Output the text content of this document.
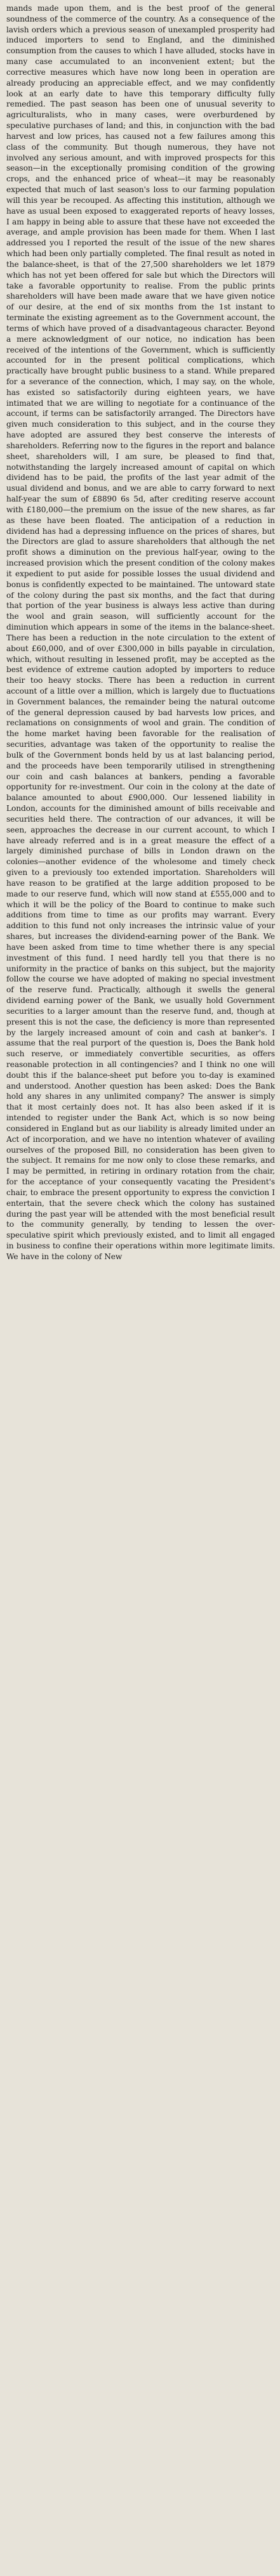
mands made upon them, and is the best proof of the general soundness of the commerce of the country. As a consequence of the lavish orders which a previous season of unexampled prosperity had induced importers to send to England, and the diminished consumption from the causes to which I have alluded, stocks have in many case accumulated to an inconvenient extent; but the corrective measures which have now long been in operation are already producing an appreciable effect, and we may confidently look at an early date to have this temporary difficulty fully remedied. The past season has been one of unusual severity to agriculturalists, who in many cases, were overburdened by speculative purchases of land; and this, in conjunction with the bad harvest and low prices, has caused not a few failures among this class of the community. But though numerous, they have not involved any serious amount, and with improved prospects for this season—in the exceptionally promising condition of the growing crops, and the enhanced price of wheat—it may be reasonably expected that much of last season's loss to our farming population will this year be recouped. As affecting this institution, although we have as usual been exposed to exaggerated reports of heavy losses, I am happy in being able to assure that these have not exceeded the average, and ample provision has been made for them. When I last addressed you I reported the result of the issue of the new shares which had been only partially completed. The final result as noted in the balance-sheet, is that of the 27,500 shareholders we let 1879 which has not yet been offered for sale but which the Directors will take a favorable opportunity to realise. From the public prints shareholders will have been made aware that we have given notice of our desire, at the end of six months from the 1st instant to terminate the existing agreement as to the Government account, the terms of which have proved of a disadvantageous character. Beyond a mere acknowledgment of our notice, no indication has been received of the intentions of the Government, which is sufficiently accounted for in the present political complications, which practically have brought public business to a stand. While prepared for a severance of the connection, which, I may say, on the whole, has existed so satisfactorily during eighteen years, we have intimated that we are willing to negotiate for a continuance of the account, if terms can be satisfactorily arranged. The Directors have given much consideration to this subject, and in the course they have adopted are assured they best conserve the interests of shareholders. Referring now to the figures in the report and balance sheet, shareholders will, I am sure, be pleased to find that, notwithstanding the largely increased amount of capital on which dividend has to be paid, the profits of the last year admit of the usual dividend and bonus, and we are able to carry forward to next half-year the sum of £8890 6s 5d, after crediting reserve account with £180,000—the premium on the issue of the new shares, as far as these have been floated. The anticipation of a reduction in dividend has had a depressing influence on the prices of shares, but the Directors are glad to assure shareholders that although the net profit shows a diminution on the previous half-year, owing to the increased provision which the present condition of the colony makes it expedient to put aside for possible losses the usual dividend and bonus is confidently expected to be maintained. The untoward state of the colony during the past six months, and the fact that during that portion of the year business is always less active than during the wool and grain season, will sufficiently account for the diminution which appears in some of the items in the balance-sheet. There has been a reduction in the note circulation to the extent of about £60,000, and of over £300,000 in bills payable in circulation, which, without resulting in lessened profit, may be accepted as the best evidence of extreme caution adopted by importers to reduce their too heavy stocks. There has been a reduction in current account of a little over a million, which is largely due to fluctuations in Government balances, the remainder being the natural outcome of the general depression caused by bad harvests low prices, and reclamations on consignments of wool and grain. The condition of the home market having been favorable for the realisation of securities, advantage was taken of the opportunity to realise the bulk of the Government bonds held by us at last balancing period, and the proceeds have been temporarily utilised in strengthening our coin and cash balances at bankers, pending a favorable opportunity for re-investment. Our coin in the colony at the date of balance amounted to about £900,000. Our lessened liability in London, accounts for the diminished amount of bills receivable and securities held there. The contraction of our advances, it will be seen, approaches the decrease in our current account, to which I have already referred and is in a great measure the effect of a largely diminished purchase of bills in London drawn on the colonies—another evidence of the wholesome and timely check given to a previously too extended importation. Shareholders will have reason to be gratified at the large addition proposed to be made to our reserve fund, which will now stand at £555,000 and to which it will be the policy of the Board to continue to make such additions from time to time as our profits may warrant. Every addition to this fund not only increases the intrinsic value of your shares, but increases the dividend-earning power of the Bank. We have been asked from time to time whether there is any special investment of this fund. I need hardly tell you that there is no uniformity in the practice of banks on this subject, but the majority follow the course we have adopted of making no special investment of the reserve fund. Practically, although it swells the general dividend earning power of the Bank, we usually hold Government securities to a larger amount than the reserve fund, and, though at present this is not the case, the deficiency is more than represented by the largely increased amount of coin and cash at banker's. I assume that the real purport of the question is, Does the Bank hold such reserve, or immediately convertible securities, as offers reasonable protection in all contingencies? and I think no one will doubt this if the balance-sheet put before you to-day is examined and understood. Another question has been asked: Does the Bank hold any shares in any unlimited company? The answer is simply that it most certainly does not. It has also been asked if it is intended to register under the Bank Act, which is so now being considered in England but as our liability is already limited under an Act of incorporation, and we have no intention whatever of availing ourselves of the proposed Bill, no consideration has been given to the subject. It remains for me now only to close these remarks, and I may be permitted, in retiring in ordinary rotation from the chair, for the acceptance of your consequently vacating the President's chair, to embrace the present opportunity to express the conviction I entertain, that the severe check which the colony has sustained during the past year will be attended with the most beneficial result to the community generally, by tending to lessen the over-speculative spirit which previously existed, and to limit all engaged in business to confine their operations within more legitimate limits. We have in the colony of New
